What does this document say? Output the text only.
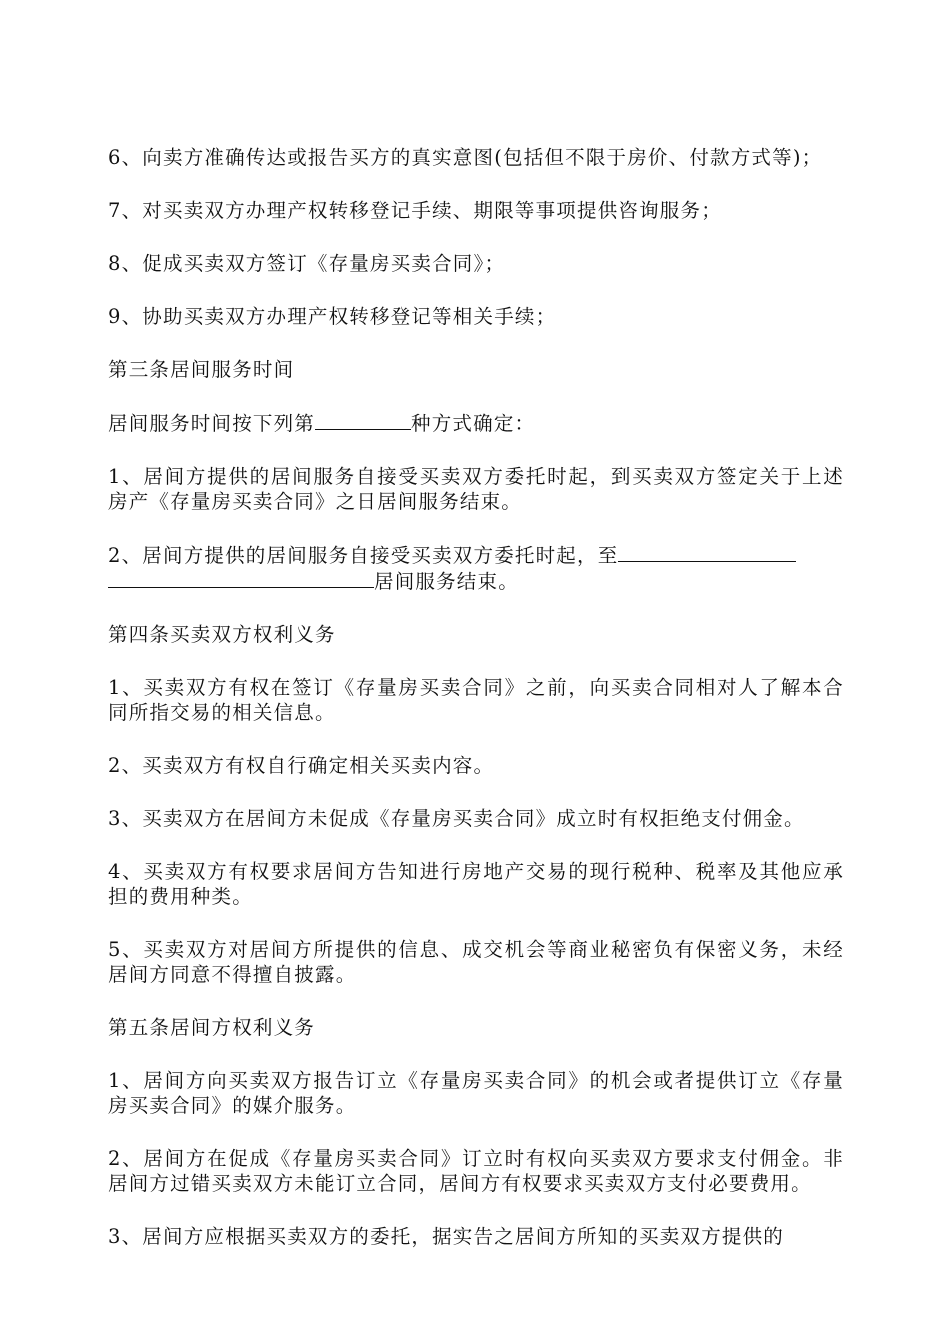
6、向卖方准确传达或报告买方的真实意图(包括但不限于房价、付款方式等)；

7、对买卖双方办理产权转移登记手续、期限等事项提供咨询服务；

8、促成买卖双方签订《存量房买卖合同》；

9、协助买卖双方办理产权转移登记等相关手续；

第三条居间服务时间

居间服务时间按下列第	种方式确定：

1、居间方提供的居间服务自接受买卖双方委托时起，到买卖双方签定关于上述房产《存量房买卖合同》之日居间服务结束。

2、居间方提供的居间服务自接受买卖双方委托时起，至
居间服务结束。

第四条买卖双方权利义务

1、买卖双方有权在签订《存量房买卖合同》之前，向买卖合同相对人了解本合同所指交易的相关信息。

2、买卖双方有权自行确定相关买卖内容。

3、买卖双方在居间方未促成《存量房买卖合同》成立时有权拒绝支付佣金。

4、买卖双方有权要求居间方告知进行房地产交易的现行税种、税率及其他应承担的费用种类。

5、买卖双方对居间方所提供的信息、成交机会等商业秘密负有保密义务，未经居间方同意不得擅自披露。

第五条居间方权利义务

1、居间方向买卖双方报告订立《存量房买卖合同》的机会或者提供订立《存量房买卖合同》的媒介服务。

2、居间方在促成《存量房买卖合同》订立时有权向买卖双方要求支付佣金。非居间方过错买卖双方未能订立合同，居间方有权要求买卖双方支付必要费用。

3、居间方应根据买卖双方的委托，据实告之居间方所知的买卖双方提供的
